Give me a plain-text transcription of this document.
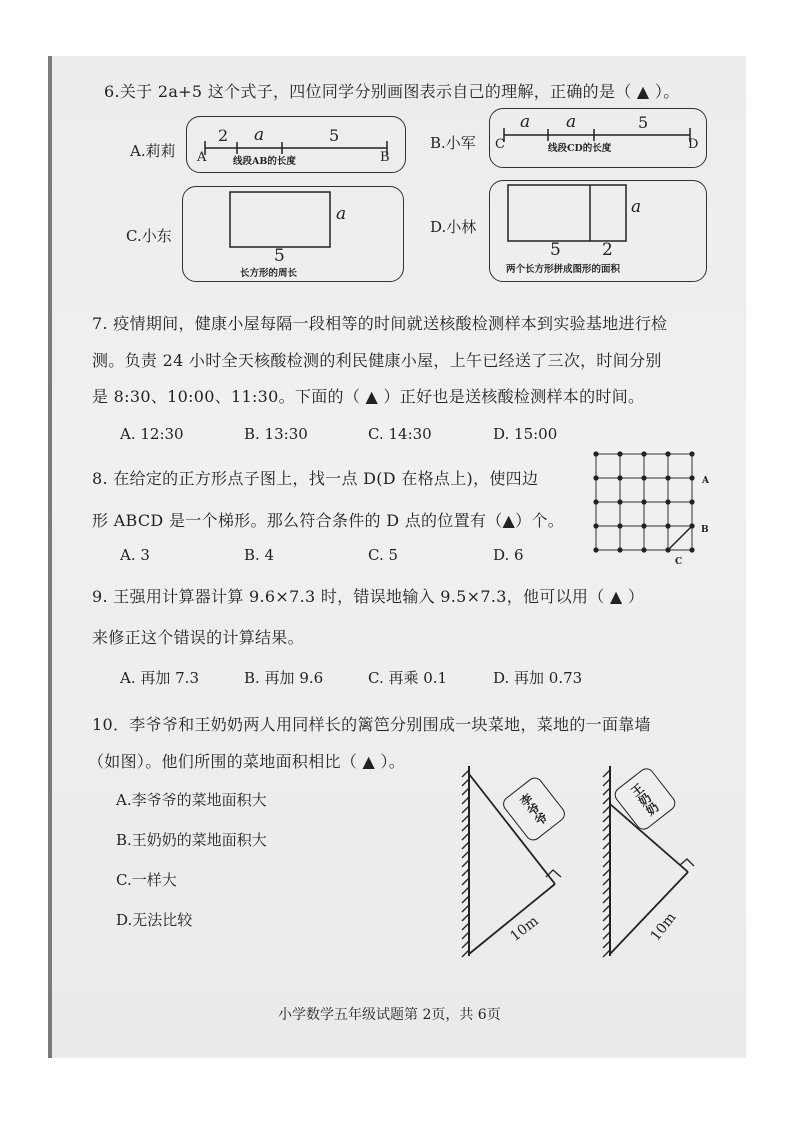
6.关于 2a+5 这个式子，四位同学分别画图表示自己的理解，正确的是（ ▲ ）。
A.莉莉
2 a	5
A	B
线段AB的长度
B.小军
a a	5
C	D
线段CD的长度
C.小东
a
5
长方形的周长
D.小林
a
5 2
两个长方形拼成图形的面积
7. 疫情期间，健康小屋每隔一段相等的时间就送核酸检测样本到实验基地进行检
测。负责 24 小时全天核酸检测的利民健康小屋，上午已经送了三次，时间分别
是 8:30、10:00、11:30。下面的（ ▲ ）正好也是送核酸检测样本的时间。
A. 12:30	B. 13:30	C. 14:30	D. 15:00
8. 在给定的正方形点子图上，找一点 D(D 在格点上)，使四边
形 ABCD 是一个梯形。那么符合条件的 D 点的位置有（▲）个。
A. 3	B. 4	C. 5	D. 6
A
B
C
9. 王强用计算器计算 9.6×7.3 时，错误地输入 9.5×7.3，他可以用（ ▲ ）
来修正这个错误的计算结果。
A. 再加 7.3	B. 再加 9.6	C. 再乘 0.1	D. 再加 0.73
10．李爷爷和王奶奶两人用同样长的篱笆分别围成一块菜地，菜地的一面靠墙
（如图）。他们所围的菜地面积相比（ ▲ ）。
A.李爷爷的菜地面积大
B.王奶奶的菜地面积大
C.一样大
D.无法比较
李爷爷
10m
王奶奶
10m
小学数学五年级试题第 2页，共 6页
